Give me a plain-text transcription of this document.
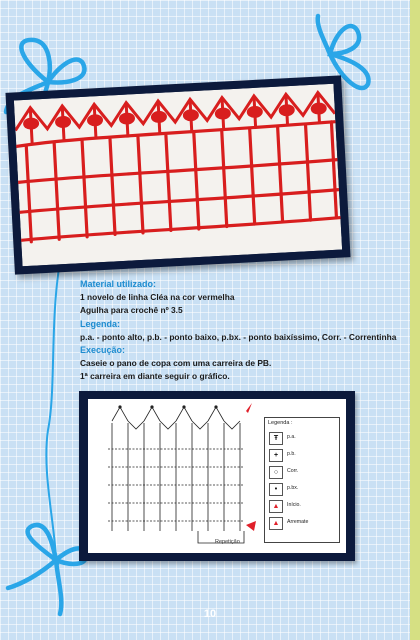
Material utilizado:
1 novelo de linha Cléa na cor vermelha
Agulha para crochê nº 3.5
Legenda:
p.a. - ponto alto, p.b. - ponto baixo, p.bx. - ponto baixíssimo, Corr. - Correntinha
Execução:
Caseie o pano de copa com uma carreira de PB.
1ª carreira em diante seguir o gráfico.
Repetição
Legenda :
Ŧ	p.a.
+	p.b.
○	Corr.
•	p.bx.
▲	Início.
▲	Arremate
10
